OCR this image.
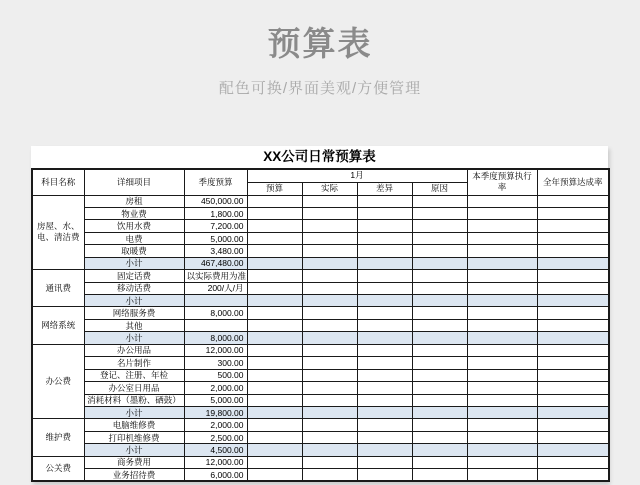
预算表
配色可换/界面美观/方便管理
XX公司日常预算表
科目名称	详细项目	季度预算	1月				本季度预算执行率	全年预算达成率
			预算	实际	差异	原因		
房屋、水、电、清洁费	房租	450,000.00						
	物业费	1,800.00						
	饮用水费	7,200.00						
	电费	5,000.00						
	取暖费	3,480.00						
	小计	467,480.00						
通讯费	固定话费	以实际费用为准						
	移动话费	200/人/月						
	小计							
网络系统	网络服务费	8,000.00						
	其他							
	小计	8,000.00						
办公费	办公用品	12,000.00						
	名片制作	300.00						
	登记、注册、年检	500.00						
	办公室日用品	2,000.00						
	消耗材料（墨粉、硒鼓）	5,000.00						
	小计	19,800.00						
维护费	电脑维修费	2,000.00						
	打印机维修费	2,500.00						
	小计	4,500.00						
公关费	商务费用	12,000.00						
	业务招待费	6,000.00						
